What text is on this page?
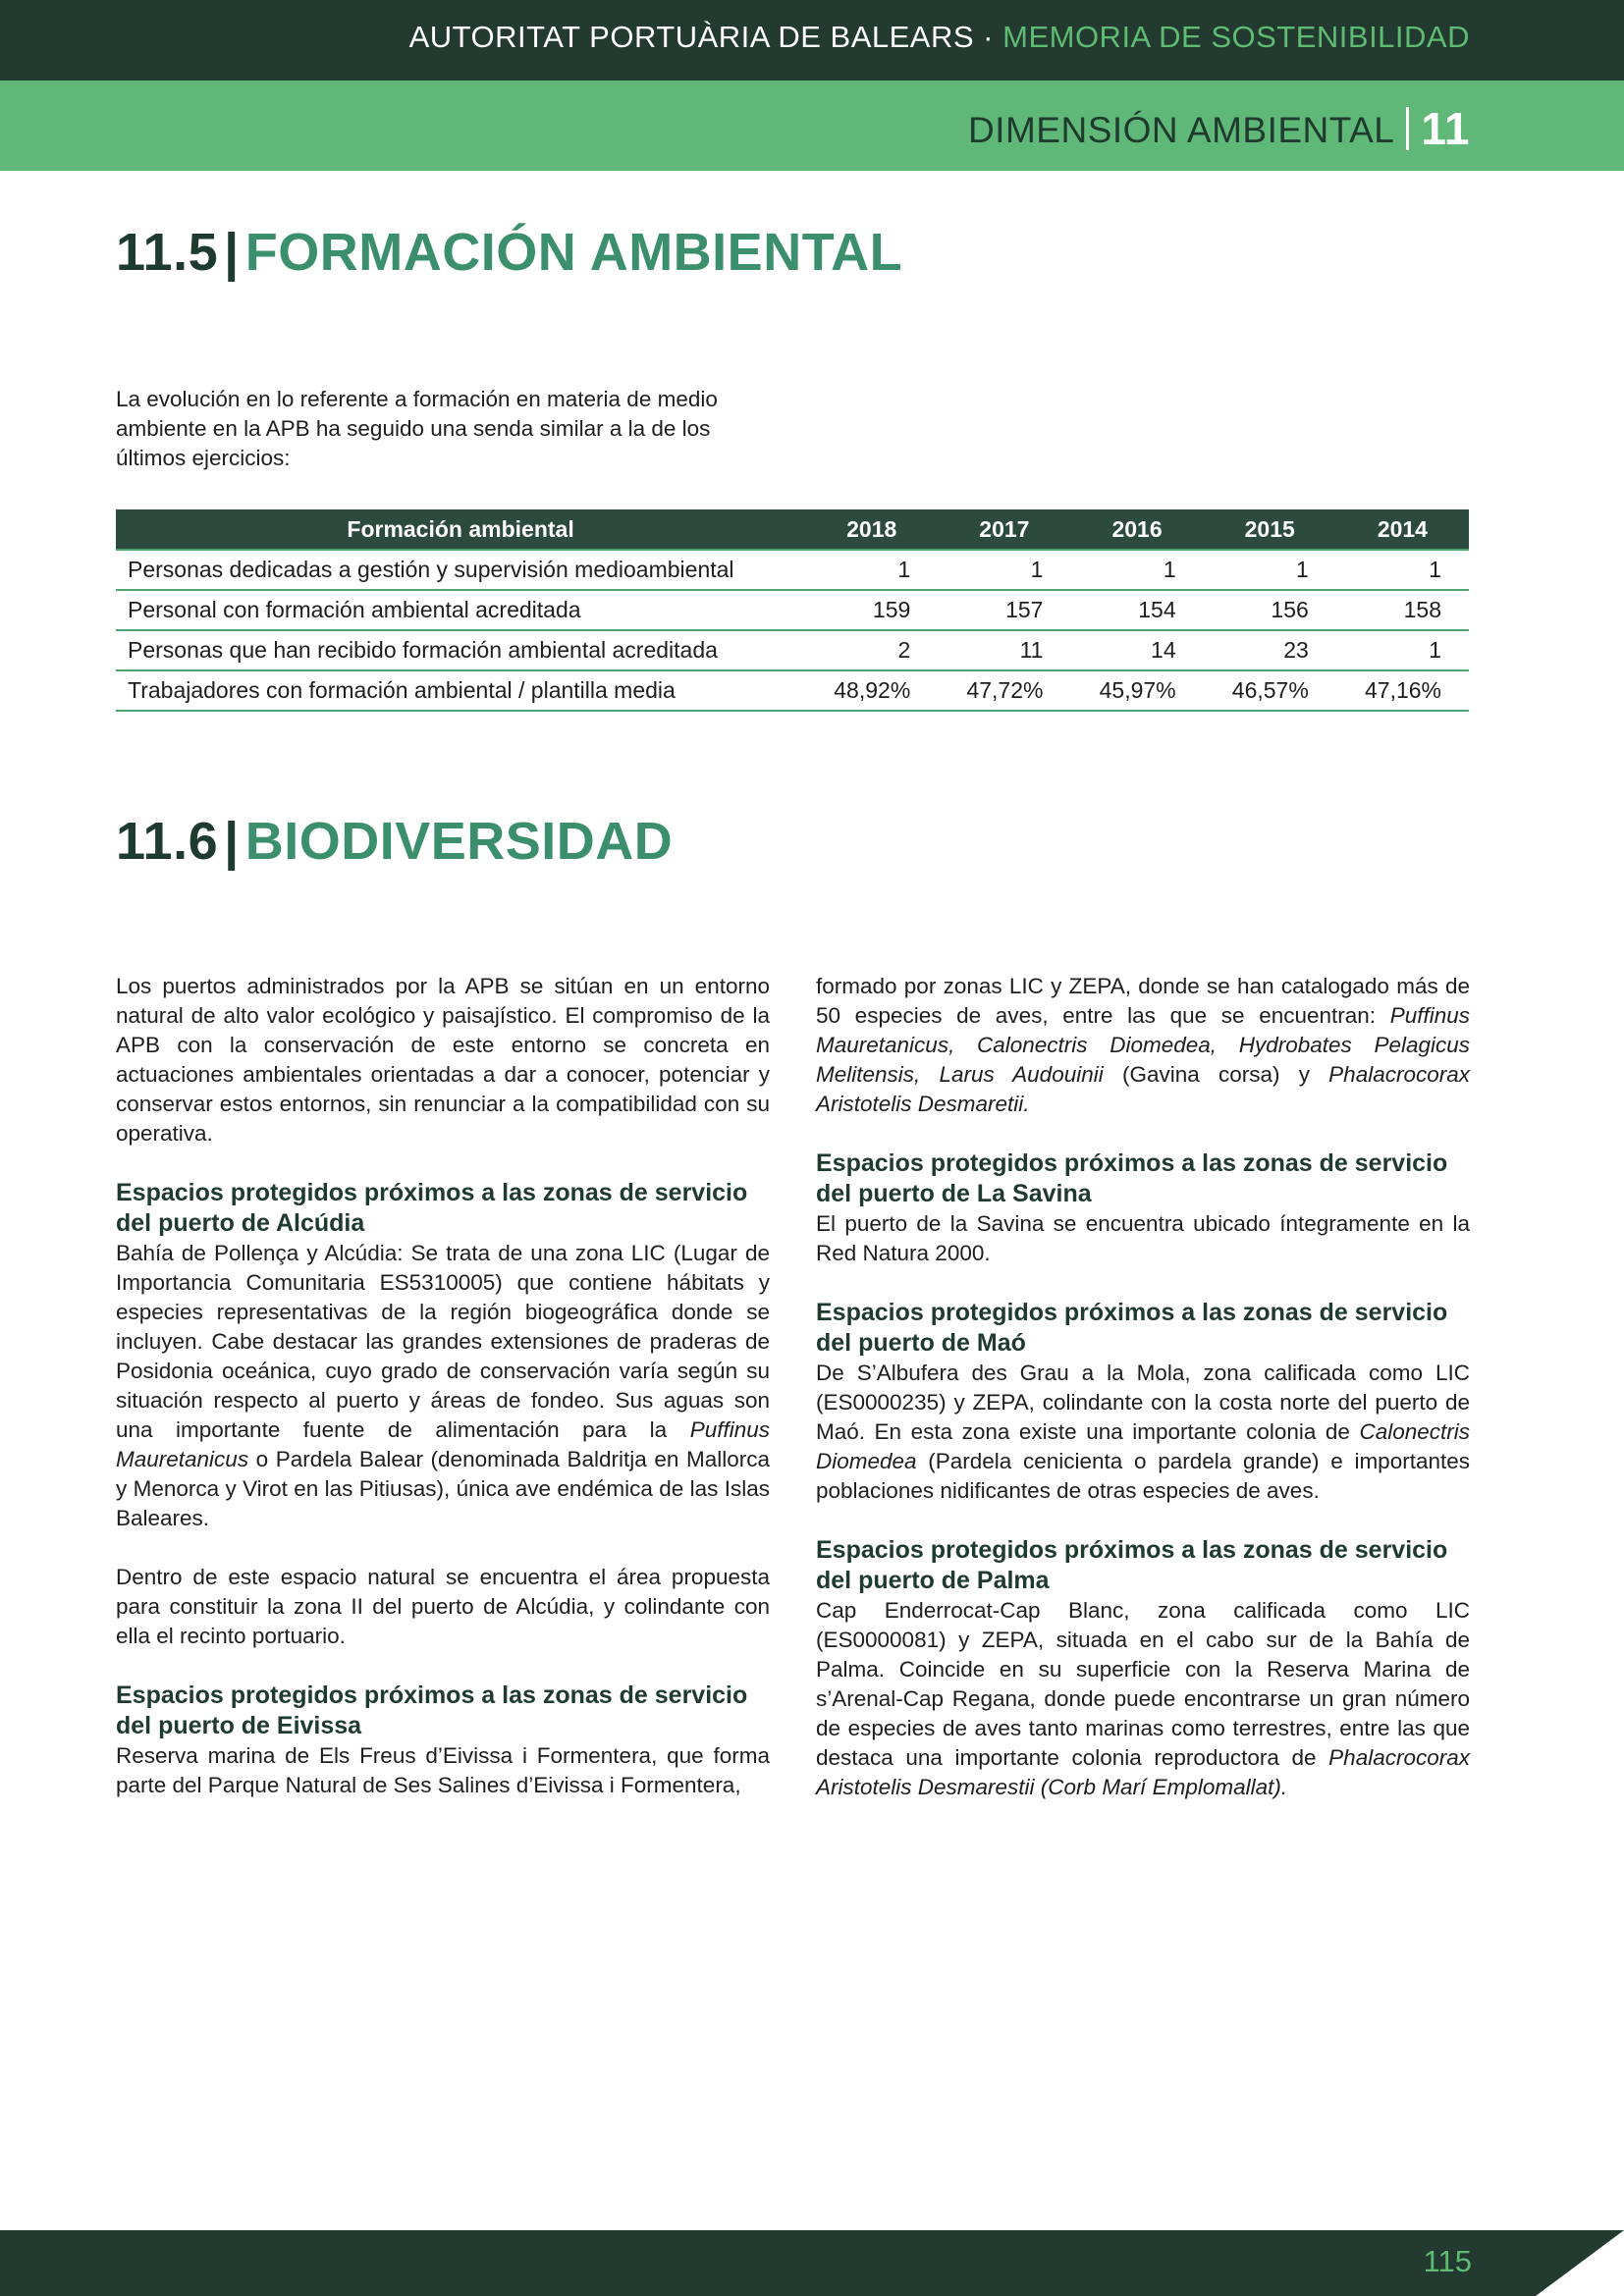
AUTORITAT PORTUÀRIA DE BALEARS · MEMORIA DE SOSTENIBILIDAD
DIMENSIÓN AMBIENTAL 11
11.5 | FORMACIÓN AMBIENTAL
La evolución en lo referente a formación en materia de medio ambiente en la APB ha seguido una senda similar a la de los últimos ejercicios:
Formación ambiental	2018	2017	2016	2015	2014
Personas dedicadas a gestión y supervisión medioambiental	1	1	1	1	1
Personal con formación ambiental acreditada	159	157	154	156	158
Personas que han recibido formación ambiental acreditada	2	11	14	23	1
Trabajadores con formación ambiental / plantilla media	48,92%	47,72%	45,97%	46,57%	47,16%
11.6 | BIODIVERSIDAD

Los puertos administrados por la APB se sitúan en un entorno natural de alto valor ecológico y paisajístico. El compromiso de la APB con la conservación de este entorno se concreta en actuaciones ambientales orientadas a dar a conocer, potenciar y conservar estos entornos, sin renunciar a la compatibilidad con su operativa.

Espacios protegidos próximos a las zonas de servicio del puerto de Alcúdia

Bahía de Pollença y Alcúdia: Se trata de una zona LIC (Lugar de Importancia Comunitaria ES5310005) que contiene hábitats y especies representativas de la región biogeográfica donde se incluyen. Cabe destacar las grandes extensiones de praderas de Posidonia oceánica, cuyo grado de conservación varía según su situación respecto al puerto y áreas de fondeo. Sus aguas son una importante fuente de alimentación para la Puffinus Mauretanicus o Pardela Balear (denominada Baldritja en Mallorca y Menorca y Virot en las Pitiusas), única ave endémica de las Islas Baleares.

Dentro de este espacio natural se encuentra el área propuesta para constituir la zona II del puerto de Alcúdia, y colindante con ella el recinto portuario.

Espacios protegidos próximos a las zonas de servicio del puerto de Eivissa

Reserva marina de Els Freus d’Eivissa i Formentera, que forma parte del Parque Natural de Ses Salines d’Eivissa i Formentera,

formado por zonas LIC y ZEPA, donde se han catalogado más de 50 especies de aves, entre las que se encuentran: Puffinus Mauretanicus, Calonectris Diomedea, Hydrobates Pelagicus Melitensis, Larus Audouinii (Gavina corsa) y Phalacrocorax Aristotelis Desmaretii.

Espacios protegidos próximos a las zonas de servicio del puerto de La Savina

El puerto de la Savina se encuentra ubicado íntegramente en la Red Natura 2000.

Espacios protegidos próximos a las zonas de servicio del puerto de Maó

De S’Albufera des Grau a la Mola, zona calificada como LIC (ES0000235) y ZEPA, colindante con la costa norte del puerto de Maó. En esta zona existe una importante colonia de Calonectris Diomedea (Pardela cenicienta o pardela grande) e importantes poblaciones nidificantes de otras especies de aves.

Espacios protegidos próximos a las zonas de servicio del puerto de Palma

Cap Enderrocat-Cap Blanc, zona calificada como LIC (ES0000081) y ZEPA, situada en el cabo sur de la Bahía de Palma. Coincide en su superficie con la Reserva Marina de s’Arenal-Cap Regana, donde puede encontrarse un gran número de especies de aves tanto marinas como terrestres, entre las que destaca una importante colonia reproductora de Phalacrocorax Aristotelis Desmarestii (Corb Marí Emplomallat).

115
